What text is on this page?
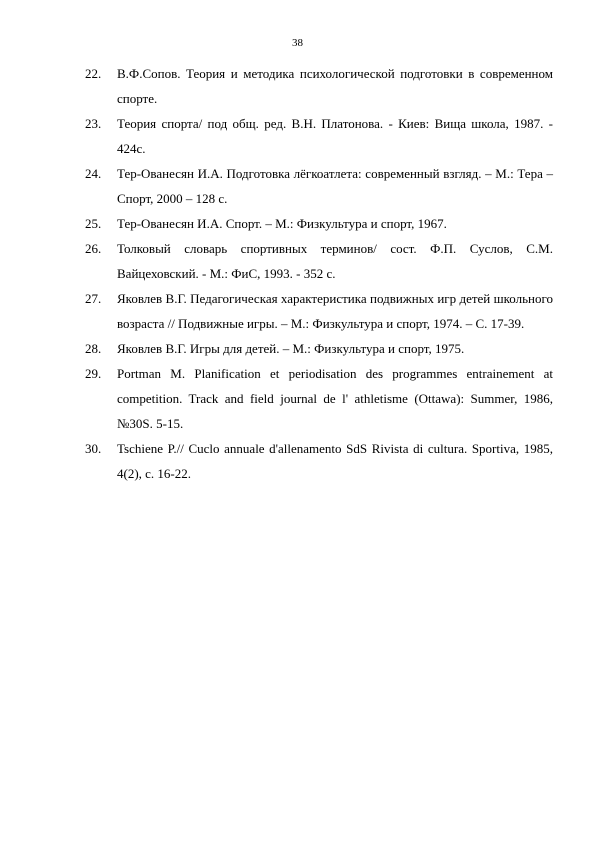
38
22.	В.Ф.Сопов. Теория и методика психологической подготовки в современном спорте.
23.	Теория спорта/ под общ. ред. В.Н. Платонова. - Киев: Вища школа, 1987. - 424с.
24.	Тер-Ованесян И.А. Подготовка лёгкоатлета: современный взгляд. – М.: Тера – Спорт, 2000 – 128 с.
25.	Тер-Ованесян И.А. Спорт. – М.: Физкультура и спорт, 1967.
26.	Толковый словарь спортивных терминов/ сост. Ф.П. Суслов, С.М. Вайцеховский. - М.: ФиС, 1993. - 352 с.
27.	Яковлев В.Г. Педагогическая характеристика подвижных игр детей школьного возраста // Подвижные игры. – М.: Физкультура и спорт, 1974. – С. 17-39.
28.	Яковлев В.Г. Игры для детей. – М.: Физкультура и спорт, 1975.
29.	Portman M. Planification et periodisation des programmes entrainement at competition. Track and field journal de l' athletisme (Ottawa): Summer, 1986, №30S. 5-15.
30.	Tschiene P.// Cuclo annuale d'allenamento SdS Rivista di cultura. Sportiva, 1985, 4(2), с. 16-22.
